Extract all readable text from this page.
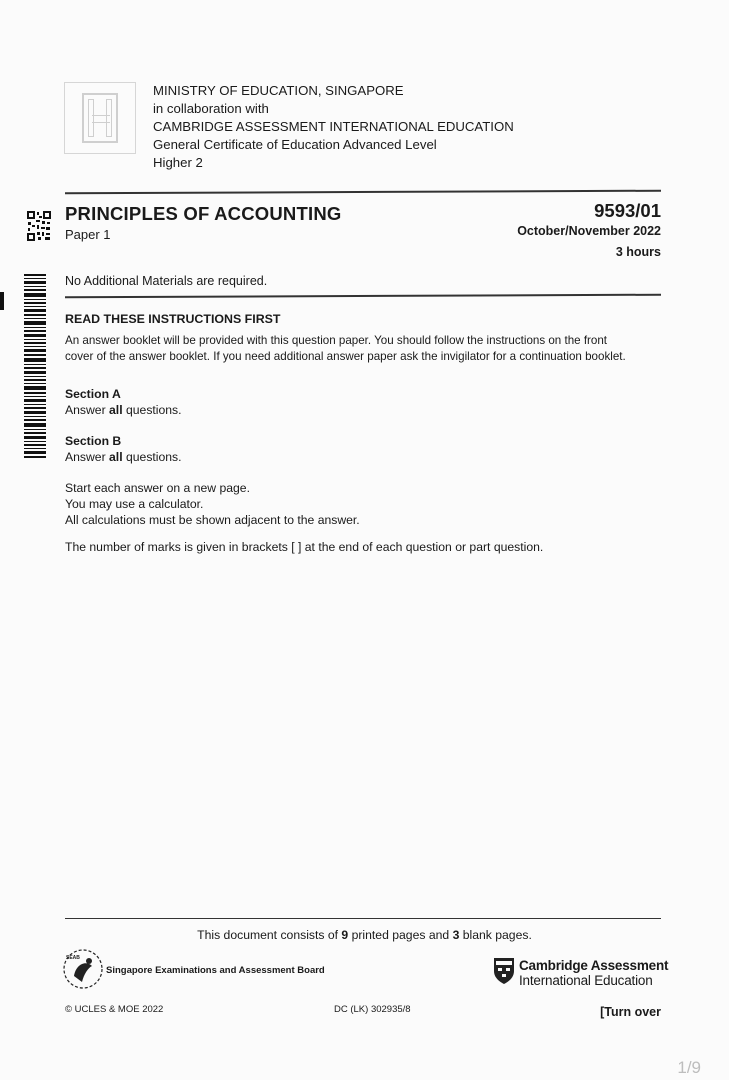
MINISTRY OF EDUCATION, SINGAPORE
in collaboration with
CAMBRIDGE ASSESSMENT INTERNATIONAL EDUCATION
General Certificate of Education Advanced Level
Higher 2
PRINCIPLES OF ACCOUNTING
Paper 1
9593/01
October/November 2022
3 hours
No Additional Materials are required.
READ THESE INSTRUCTIONS FIRST
An answer booklet will be provided with this question paper. You should follow the instructions on the front
cover of the answer booklet. If you need additional answer paper ask the invigilator for a continuation booklet.
Section A
Answer all questions.
Section B
Answer all questions.
Start each answer on a new page.
You may use a calculator.
All calculations must be shown adjacent to the answer.
The number of marks is given in brackets [ ] at the end of each question or part question.
This document consists of 9 printed pages and 3 blank pages.
SEAB
Singapore Examinations and Assessment Board	Cambridge Assessment
International Education
© UCLES & MOE 2022	DC (LK) 302935/8	[Turn over
1/9
